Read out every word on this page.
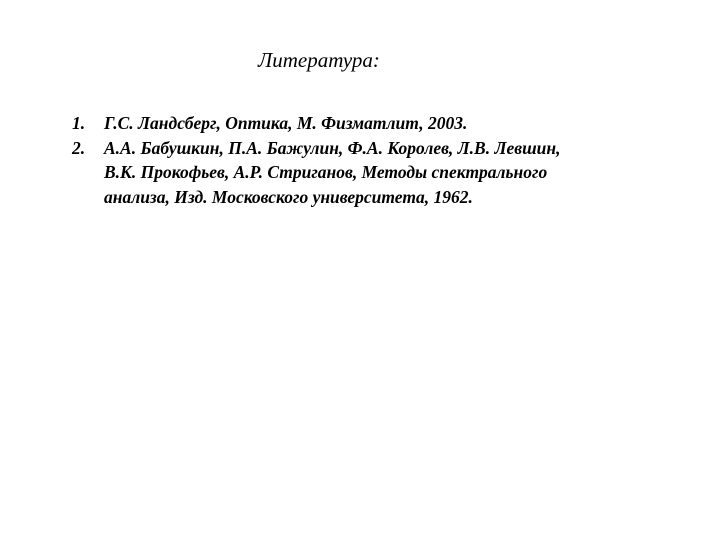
Литература:
1.	Г.С. Ландсберг, Оптика, М. Физматлит, 2003.
2.	А.А. Бабушкин, П.А. Бажулин, Ф.А. Королев, Л.В. Левшин,
В.К. Прокофьев, А.Р. Стриганов, Методы спектрального
анализа, Изд. Московского университета, 1962.
